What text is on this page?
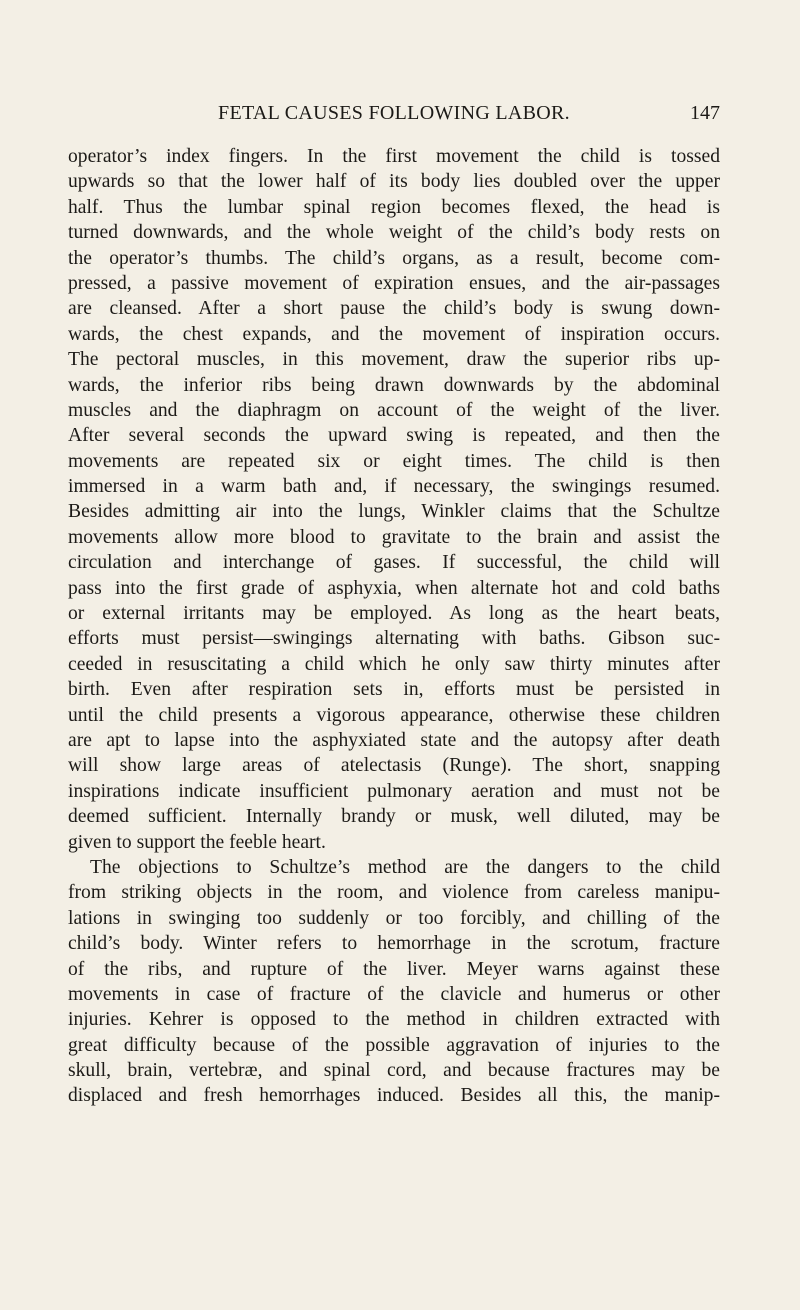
FETAL CAUSES FOLLOWING LABOR.	147
operator’s index fingers. In the first movement the child is tossed
upwards so that the lower half of its body lies doubled over the upper
half. Thus the lumbar spinal region becomes flexed, the head is
turned downwards, and the whole weight of the child’s body rests on
the operator’s thumbs. The child’s organs, as a result, become com-
pressed, a passive movement of expiration ensues, and the air-passages
are cleansed. After a short pause the child’s body is swung down-
wards, the chest expands, and the movement of inspiration occurs.
The pectoral muscles, in this movement, draw the superior ribs up-
wards, the inferior ribs being drawn downwards by the abdominal
muscles and the diaphragm on account of the weight of the liver.
After several seconds the upward swing is repeated, and then the
movements are repeated six or eight times. The child is then
immersed in a warm bath and, if necessary, the swingings resumed.
Besides admitting air into the lungs, Winkler claims that the Schultze
movements allow more blood to gravitate to the brain and assist the
circulation and interchange of gases. If successful, the child will
pass into the first grade of asphyxia, when alternate hot and cold baths
or external irritants may be employed. As long as the heart beats,
efforts must persist—swingings alternating with baths. Gibson suc-
ceeded in resuscitating a child which he only saw thirty minutes after
birth. Even after respiration sets in, efforts must be persisted in
until the child presents a vigorous appearance, otherwise these children
are apt to lapse into the asphyxiated state and the autopsy after death
will show large areas of atelectasis (Runge). The short, snapping
inspirations indicate insufficient pulmonary aeration and must not be
deemed sufficient. Internally brandy or musk, well diluted, may be
given to support the feeble heart.
The objections to Schultze’s method are the dangers to the child
from striking objects in the room, and violence from careless manipu-
lations in swinging too suddenly or too forcibly, and chilling of the
child’s body. Winter refers to hemorrhage in the scrotum, fracture
of the ribs, and rupture of the liver. Meyer warns against these
movements in case of fracture of the clavicle and humerus or other
injuries. Kehrer is opposed to the method in children extracted with
great difficulty because of the possible aggravation of injuries to the
skull, brain, vertebræ, and spinal cord, and because fractures may be
displaced and fresh hemorrhages induced. Besides all this, the manip-
